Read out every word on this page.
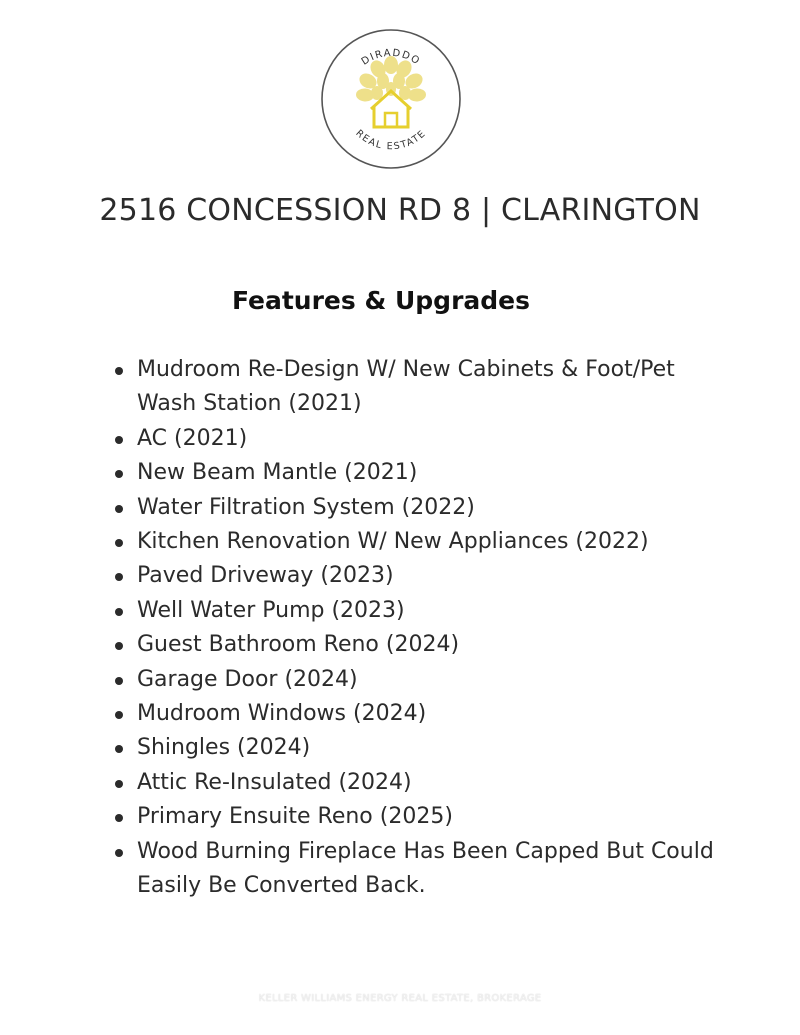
DIRADDO
REAL ESTATE
2516 CONCESSION RD 8 | CLARINGTON
Features & Upgrades
Mudroom Re-Design W/ New Cabinets & Foot/Pet Wash Station (2021)
AC (2021)
New Beam Mantle (2021)
Water Filtration System (2022)
Kitchen Renovation W/ New Appliances (2022)
Paved Driveway (2023)
Well Water Pump (2023)
Guest Bathroom Reno (2024)
Garage Door (2024)
Mudroom Windows (2024)
Shingles (2024)
Attic Re-Insulated (2024)
Primary Ensuite Reno (2025)
Wood Burning Fireplace Has Been Capped But Could Easily Be Converted Back.
KELLER WILLIAMS ENERGY REAL ESTATE, BROKERAGE
